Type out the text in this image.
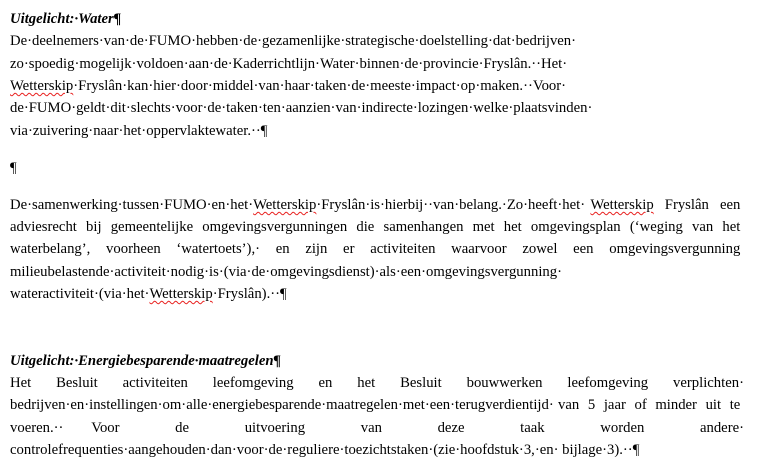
Uitgelicht:·Water¶

De·deelnemers·van·de·FUMO·hebben·de·gezamenlijke·strategische·doelstelling·dat·bedrijven· zo·spoedig·mogelijk·voldoen·aan·de·Kaderrichtlijn·Water·binnen·de·provincie·Fryslân.··Het· Wetterskip·Fryslân·kan·hier·door·middel·van·haar·taken·de·meeste·impact·op·maken.··Voor· de·FUMO·geldt·dit·slechts·voor·de·taken·ten·aanzien·van·indirecte·lozingen·welke·plaatsvinden· via·zuivering·naar·het·oppervlaktewater.··¶

¶

De·samenwerking·tussen·FUMO·en·het·Wetterskip·Fryslân·is·hierbij··van·belang.·Zo·heeft·het· Wetterskip  Fryslân  een  adviesrecht  bij  gemeentelijke  omgevingsvergunningen  die  samenhangen  met  het  omgevingsplan  (‘weging  van  het  waterbelang’,  voorheen  ‘watertoets’),·  en  zijn  er  activiteiten  waarvoor  zowel  een  omgevingsvergunning  milieubelastende·activiteit·nodig·is·(via·de·omgevingsdienst)·als·een·omgevingsvergunning· wateractiviteit·(via·het·Wetterskip·Fryslân).··¶

Uitgelicht:·Energiebesparende·maatregelen¶

Het  Besluit  activiteiten  leefomgeving  en  het  Besluit  bouwwerken  leefomgeving  verplichten· bedrijven·en·instellingen·om·alle·energiebesparende·maatregelen·met·een·terugverdientijd· van  5  jaar  of  minder  uit  te  voeren.·· Voor  de  uitvoering  van  deze  taak  worden  andere· controlefrequenties·aangehouden·dan·voor·de·reguliere·toezichtstaken·(zie·hoofdstuk·3,·en· bijlage·3).··¶
